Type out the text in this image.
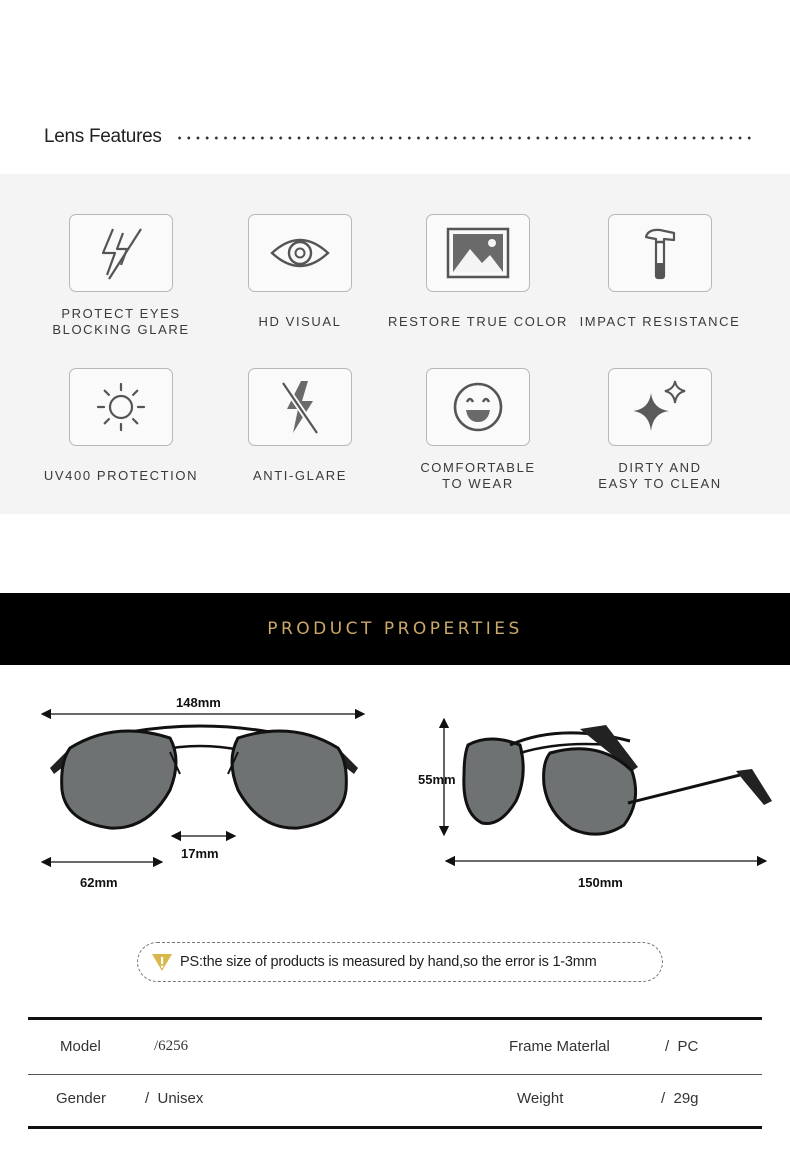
Lens Features
PROTECT EYES
BLOCKING GLARE
HD VISUAL	RESTORE TRUE COLOR IMPACT RESISTANCE
UV400 PROTECTION	ANTI-GLARE
COMFORTABLE
TO WEAR
DIRTY AND
EASY TO CLEAN
PRODUCT PROPERTIES
148mm
17mm
62mm
55mm
150mm
PS:the size of products is measured by hand,so the error is 1-3mm
Model	/6256	Frame Materlal	/  PC
Gender	/  Unisex	Weight	/  29g
